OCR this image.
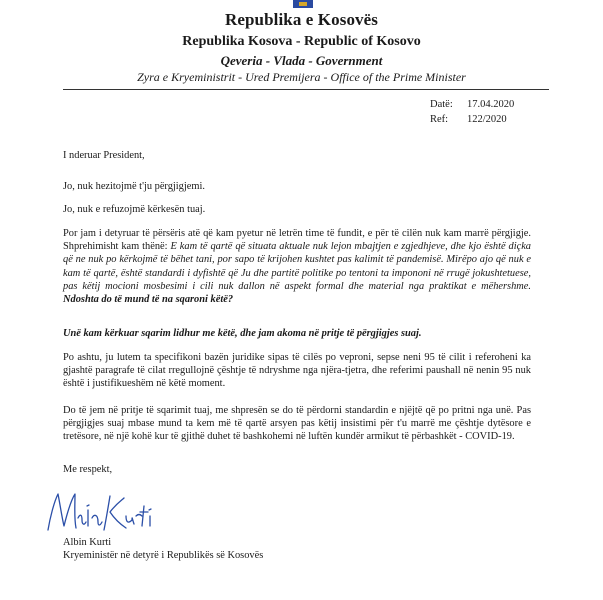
Republika e Kosovës
Republika Kosova - Republic of Kosovo
Qeveria - Vlada - Government
Zyra e Kryeministrit - Ured Premijera - Office of the Prime Minister
Datë: 17.04.2020
Ref: 122/2020

I nderuar President,

Jo, nuk hezitojmë t'ju përgjigjemi.

Jo, nuk e refuzojmë kërkesën tuaj.

Por jam i detyruar të përsëris atë që kam pyetur në letrën time të fundit, e për të cilën nuk kam marrë përgjigje. Shprehimisht kam thënë: E kam të qartë që situata aktuale nuk lejon mbajtjen e zgjedhjeve, dhe kjo është diçka që ne nuk po kërkojmë të bëhet tani, por sapo të krijohen kushtet pas kalimit të pandemisë. Mirëpo ajo që nuk e kam të qartë, është standardi i dyfishtë që Ju dhe partitë politike po tentoni ta impononi në rrugë jokushtetuese, pas këtij mocioni mosbesimi i cili nuk dallon në aspekt formal dhe material nga praktikat e mëhershme. Ndoshta do të mund të na sqaroni këtë?

Unë kam kërkuar sqarim lidhur me këtë, dhe jam akoma në pritje të përgjigjes suaj.

Po ashtu, ju lutem ta specifikoni bazën juridike sipas të cilës po veproni, sepse neni 95 të cilit i referoheni ka gjashtë paragrafe të cilat rregullojnë çështje të ndryshme nga njëra-tjetra, dhe referimi paushall në nenin 95 nuk është i justifikueshëm në këtë moment.

Do të jem në pritje të sqarimit tuaj, me shpresën se do të përdorni standardin e njëjtë që po pritni nga unë. Pas përgjigjes suaj mbase mund ta kem më të qartë arsyen pas këtij insistimi për t'u marrë me çështje dytësore e tretësore, në një kohë kur të gjithë duhet të bashkohemi në luftën kundër armikut të përbashkët - COVID-19.

Me respekt,

Albin Kurti
Kryeministër në detyrë i Republikës së Kosovës
